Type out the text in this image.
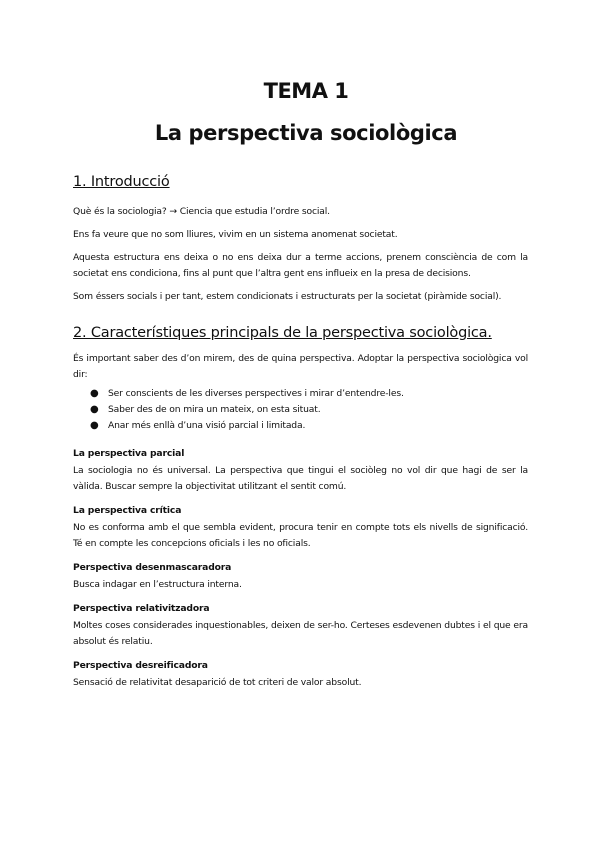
TEMA 1
La perspectiva sociològica
1. Introducció

Què és la sociologia? → Ciencia que estudia l’ordre social.

Ens fa veure que no som lliures, vivim en un sistema anomenat societat.

Aquesta estructura ens deixa o no ens deixa dur a terme accions, prenem consciència de com la societat ens condiciona, fins al punt que l’altra gent ens influeix en la presa de decisions.

Som éssers socials i per tant, estem condicionats i estructurats per la societat (piràmide social).

2. Característiques principals de la perspectiva sociològica.

És important saber des d’on mirem, des de quina perspectiva. Adoptar la perspectiva sociològica vol dir:

● Ser conscients de les diverses perspectives i mirar d’entendre-les.
● Saber des de on mira un mateix, on esta situat.
● Anar més enllà d’una visió parcial i limitada.
La perspectiva parcial

La sociologia no és universal. La perspectiva que tingui el sociòleg no vol dir que hagi de ser la vàlida. Buscar sempre la objectivitat utilitzant el sentit comú.

La perspectiva crítica

No es conforma amb el que sembla evident, procura tenir en compte tots els nivells de significació. Té en compte les concepcions oficials i les no oficials.

Perspectiva desenmascaradora

Busca indagar en l’estructura interna.

Perspectiva relativitzadora

Moltes coses considerades inquestionables, deixen de ser-ho. Certeses esdevenen dubtes i el que era absolut és relatiu.

Perspectiva desreificadora

Sensació de relativitat desaparició de tot criteri de valor absolut.
